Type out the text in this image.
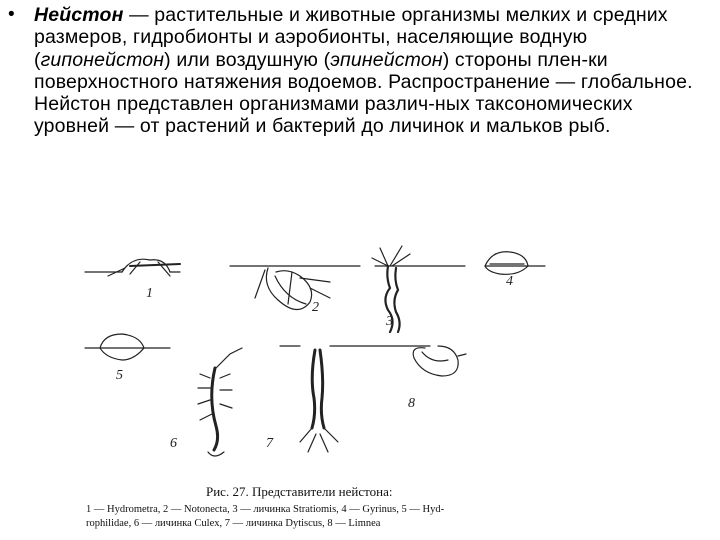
• Нейстон — растительные и животные организмы мелких и средних размеров, гидробионты и аэробионты, населяющие водную (гипонейстон) или воздушную (эпинейстон) стороны плен-ки поверхностного натяжения водоемов. Распространение — глобальное. Нейстон представлен организмами различ-ных таксономических уровней — от растений и бактерий до личинок и мальков рыб.
1
2
3
4
5
6	7
8
Рис. 27. Представители нейстона:
1 — Hydrometra, 2 — Notonecta, 3 — личинка Stratiomis, 4 — Gyrinus, 5 — Hyd-
rophilidae, 6 — личинка Culex, 7 — личинка Dytiscus, 8 — Limnea
